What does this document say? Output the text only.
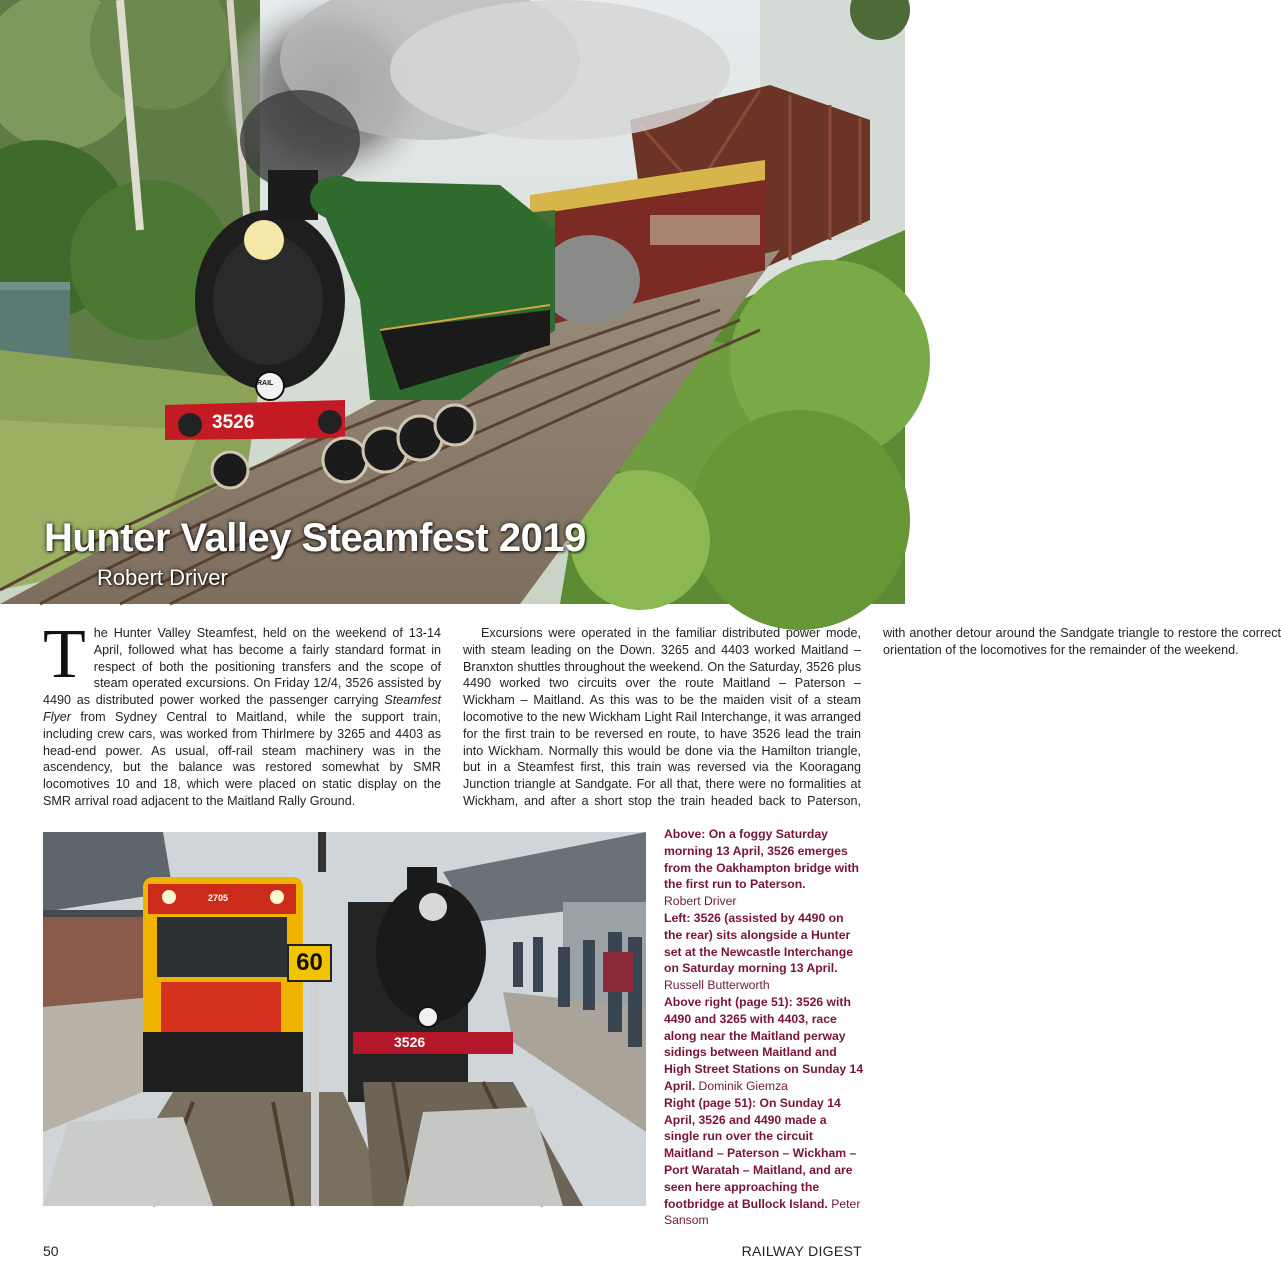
3526
RAIL
Hunter Valley Steamfest 2019
Robert Driver

The Hunter Valley Steamfest, held on the weekend of 13-14 April, followed what has become a fairly standard format in respect of both the positioning transfers and the scope of steam operated excursions. On Friday 12/4, 3526 assisted by 4490 as distributed power worked the passenger carrying Steamfest Flyer from Sydney Central to Maitland, while the support train, including crew cars, was worked from Thirlmere by 3265 and 4403 as head-end power. As usual, off-rail steam machinery was in the ascendency, but the balance was restored somewhat by SMR locomotives 10 and 18, which were placed on static display on the SMR arrival road adjacent to the Maitland Rally Ground.

Excursions were operated in the familiar distributed power mode, with steam leading on the Down. 3265 and 4403 worked Maitland – Branxton shuttles throughout the weekend. On the Saturday, 3526 plus 4490 worked two circuits over the route Maitland – Paterson – Wickham – Maitland. As this was to be the maiden visit of a steam locomotive to the new Wickham Light Rail Interchange, it was arranged for the first train to be reversed en route, to have 3526 lead the train into Wickham. Normally this would be done via the Hamilton triangle, but in a Steamfest first, this train was reversed via the Kooragang Junction triangle at Sandgate. For all that, there were no formalities at Wickham, and after a short stop the train headed back to Paterson, with another detour around the Sandgate triangle to restore the correct orientation of the locomotives for the remainder of the weekend.

60
3526
2705

Above: On a foggy Saturday morning 13 April, 3526 emerges from the Oakhampton bridge with the first run to Paterson.
Robert Driver

Left: 3526 (assisted by 4490 on the rear) sits alongside a Hunter set at the Newcastle Interchange on Saturday morning 13 April.
Russell Butterworth

Above right (page 51): 3526 with 4490 and 3265 with 4403, race along near the Maitland perway sidings between Maitland and High Street Stations on Sunday 14 April. Dominik Giemza

Right (page 51): On Sunday 14 April, 3526 and 4490 made a single run over the circuit Maitland – Paterson – Wickham – Port Waratah – Maitland, and are seen here approaching the footbridge at Bullock Island. Peter Sansom

50	RAILWAY DIGEST
